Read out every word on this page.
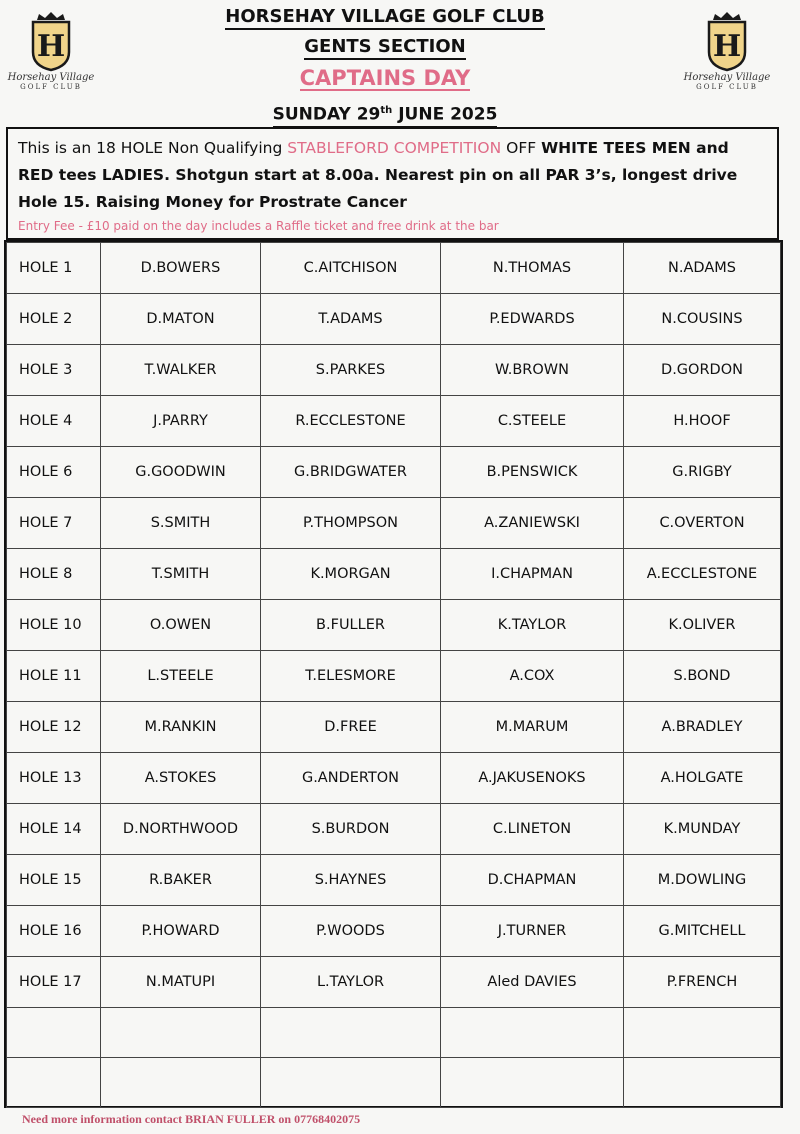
H
Horsehay Village
GOLF CLUB
H
Horsehay Village
GOLF CLUB
HORSEHAY VILLAGE GOLF CLUB
GENTS SECTION
CAPTAINS DAY
SUNDAY 29th JUNE 2025
This is an 18 HOLE Non Qualifying STABLEFORD COMPETITION OFF WHITE TEES MEN and RED tees LADIES. Shotgun start at 8.00a. Nearest pin on all PAR 3’s, longest drive Hole 15. Raising Money for Prostrate Cancer
Entry Fee - £10 paid on the day includes a Raffle ticket and free drink at the bar
HOLE 1	D.BOWERS	C.AITCHISON	N.THOMAS	N.ADAMS
HOLE 2	D.MATON	T.ADAMS	P.EDWARDS	N.COUSINS
HOLE 3	T.WALKER	S.PARKES	W.BROWN	D.GORDON
HOLE 4	J.PARRY	R.ECCLESTONE	C.STEELE	H.HOOF
HOLE 6	G.GOODWIN	G.BRIDGWATER	B.PENSWICK	G.RIGBY
HOLE 7	S.SMITH	P.THOMPSON	A.ZANIEWSKI	C.OVERTON
HOLE 8	T.SMITH	K.MORGAN	I.CHAPMAN	A.ECCLESTONE
HOLE 10	O.OWEN	B.FULLER	K.TAYLOR	K.OLIVER
HOLE 11	L.STEELE	T.ELESMORE	A.COX	S.BOND
HOLE 12	M.RANKIN	D.FREE	M.MARUM	A.BRADLEY
HOLE 13	A.STOKES	G.ANDERTON	A.JAKUSENOKS	A.HOLGATE
HOLE 14	D.NORTHWOOD	S.BURDON	C.LINETON	K.MUNDAY
HOLE 15	R.BAKER	S.HAYNES	D.CHAPMAN	M.DOWLING
HOLE 16	P.HOWARD	P.WOODS	J.TURNER	G.MITCHELL
HOLE 17	N.MATUPI	L.TAYLOR	Aled DAVIES	P.FRENCH

Need more information contact BRIAN FULLER on 07768402075
